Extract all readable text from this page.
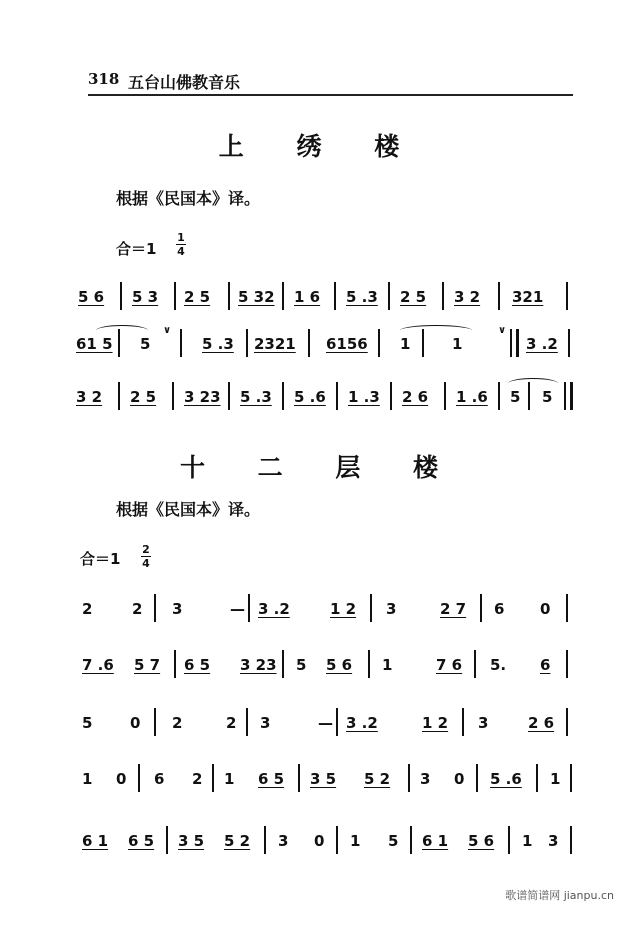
318 五台山佛教音乐
上 绣 楼
根据《民国本》译。
合＝1
1
4
5 6 5 3 2 5 5 32 1 6 5 .3 2 5 3 2 321
61 5 5
∨
5 .3 2321 6156 1	1
∨
3 .2
3 2 2 5 3 23 5 .3 5 .6 1 .3 2 6 1 .6 5 5
十 二 层 楼
根据《民国本》译。
合＝1
2
4
2	2 3	— 3 .2	1 2 3	2 7 6 0
7 .6 5 7 6 5 3 23 5 5 6 1	7 6 5. 6
5	0 2	2 3	— 3 .2	1 2 3	2 6
1 0 6 2 1 6 5 3 5 5 2 3 0 5 .6 1
6 1 6 5 3 5 5 2 3 0 1 5 6 1 5 6 1 3
歌谱简谱网 jianpu.cn
